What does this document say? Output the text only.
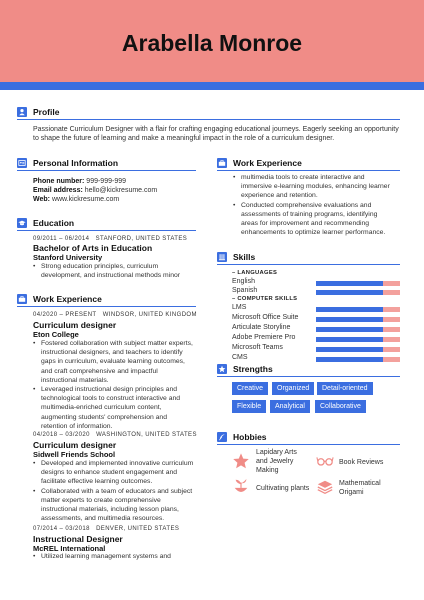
Arabella Monroe
Profile
Passionate Curriculum Designer with a flair for crafting engaging educational journeys. Eagerly seeking an opportunity
to shape the future of learning and make a meaningful impact in the role of a curriculum designer.
Personal Information
Phone number: 999-999-999
Email address: hello@kickresume.com
Web: www.kickresume.com
Education
09/2011 – 06/2014 STANFORD, UNITED STATES
Bachelor of Arts in Education
Stanford University
• Strong education principles, curriculum
development, and instructional methods minor
Work Experience
04/2020 – PRESENT WINDSOR, UNITED KINGDOM
Curriculum designer
Eton College
• Fostered collaboration with subject matter experts,
instructional designers, and teachers to identify
gaps in curriculum, evaluate learning outcomes,
and craft comprehensive and impactful
instructional materials.
• Leveraged instructional design principles and
technological tools to construct interactive and
multimedia-enriched curriculum content,
augmenting students' comprehension and
retention of information.
04/2018 – 03/2020 WASHINGTON, UNITED STATES
Curriculum designer
Sidwell Friends School
• Developed and implemented innovative curriculum
designs to enhance student engagement and
facilitate effective learning outcomes.
• Collaborated with a team of educators and subject
matter experts to create comprehensive
instructional materials, including lesson plans,
assessments, and multimedia resources.
07/2014 – 03/2018 DENVER, UNITED STATES
Instructional Designer
McREL International
• Utilized learning management systems and
Work Experience
• multimedia tools to create interactive and
immersive e-learning modules, enhancing learner
experience and retention.
• Conducted comprehensive evaluations and
assessments of training programs, identifying
areas for improvement and recommending
enhancements to optimize learner performance.
Skills
– LANGUAGES
English
Spanish
– COMPUTER SKILLS
LMS
Microsoft Office Suite
Articulate Storyline
Adobe Premiere Pro
Microsoft Teams
CMS
Strengths
Creative	Organized	Detail-oriented
Flexible	Analytical	Collaborative
Hobbies
Lapidary Arts
and Jewelry
Making
Book Reviews
Cultivating plants
Mathematical
Origami
